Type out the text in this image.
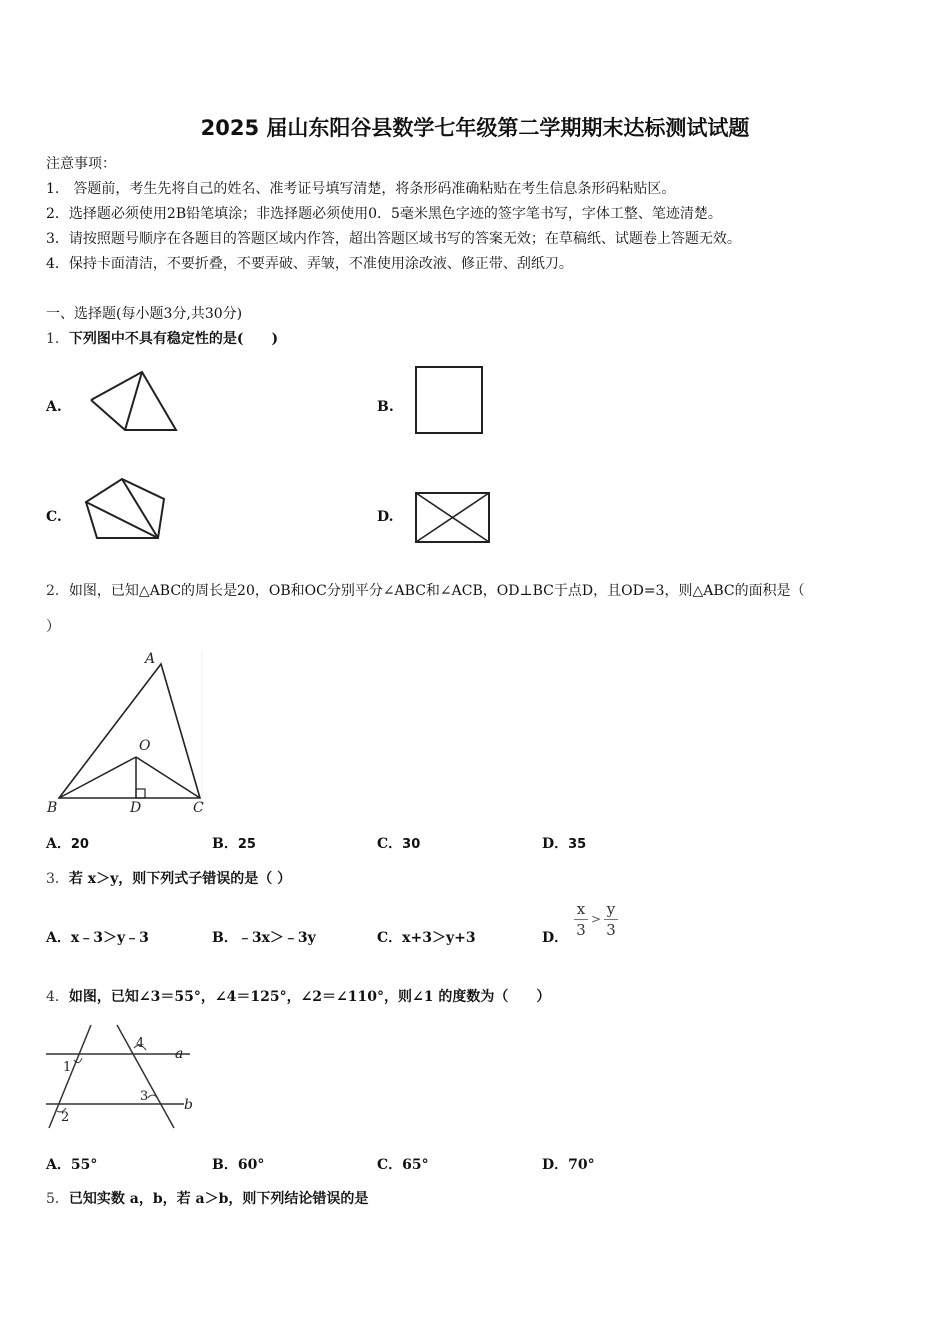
2025 届山东阳谷县数学七年级第二学期期末达标测试试题
注意事项：
1.　答题前，考生先将自己的姓名、准考证号填写清楚，将条形码准确粘贴在考生信息条形码粘贴区。
2．选择题必须使用2B铅笔填涂；非选择题必须使用0．5毫米黑色字迹的签字笔书写，字体工整、笔迹清楚。
3．请按照题号顺序在各题目的答题区域内作答，超出答题区域书写的答案无效；在草稿纸、试题卷上答题无效。
4．保持卡面清洁，不要折叠，不要弄破、弄皱，不准使用涂改液、修正带、刮纸刀。
一、选择题(每小题3分,共30分)
1．下列图中不具有稳定性的是(　　)
A.	B.
C.	D.
2．如图，已知△ABC的周长是20，OB和OC分别平分∠ABC和∠ACB，OD⊥BC于点D，且OD=3，则△ABC的面积是（
）
A
O
B	D	C
A．20	B．25	C．30	D．35
3．若 x＞y，则下列式子错误的是（ ）
A．x﹣3＞y﹣3	B．﹣3x＞﹣3y	C．x+3＞y+3	D．
x
3
>
y
3
4．如图，已知∠3＝55°，∠4＝125°，∠2＝∠110°，则∠1 的度数为（　　）
4
a
1
3
b
2
A．55°	B．60°	C．65°	D．70°
5．已知实数 a，b，若 a＞b，则下列结论错误的是
